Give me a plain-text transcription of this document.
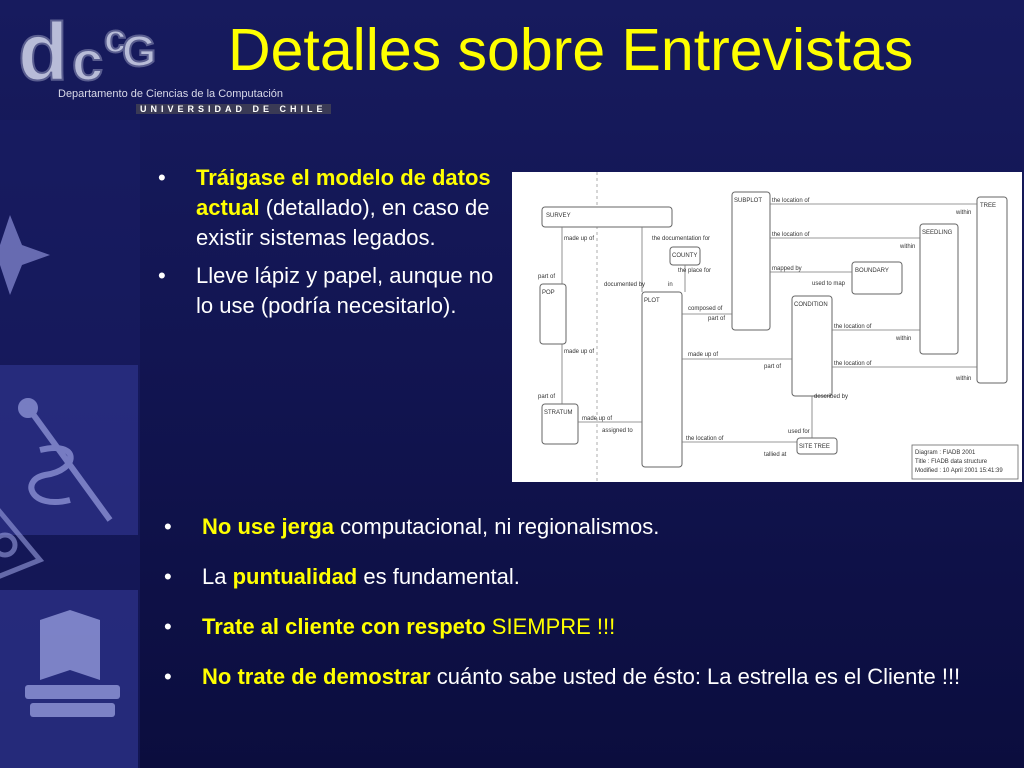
d c c
G
Departamento de Ciencias de la Computación
UNIVERSIDAD DE CHILE
Detalles sobre Entrevistas
• Tráigase el modelo de datos actual (detallado), en caso de existir sistemas legados.
• Lleve lápiz y papel, aunque no lo use (podría necesitarlo).
SURVEY
SUBPLOT
TREE
COUNTY
SEEDLING
BOUNDARY
POP
PLOT
CONDITION
STRATUM
SITE TREE
the location of
within
made up of	the documentation for
the location of
within
part of
the place for	mapped by
used to map
documented by	in
composed of
part of
the location of
within
made up of	made up of
part of	the location of
part of
within
made up of
described by
assigned to	used for
the location of
tallied at	Diagram : FIADB 2001
Title : FIADB data structure
Modified : 10 April 2001 15:41:39
• No use jerga computacional, ni regionalismos.
• La puntualidad es fundamental.
• Trate al cliente con respeto SIEMPRE !!!
• No trate de demostrar cuánto sabe usted de ésto: La estrella es el Cliente !!!
